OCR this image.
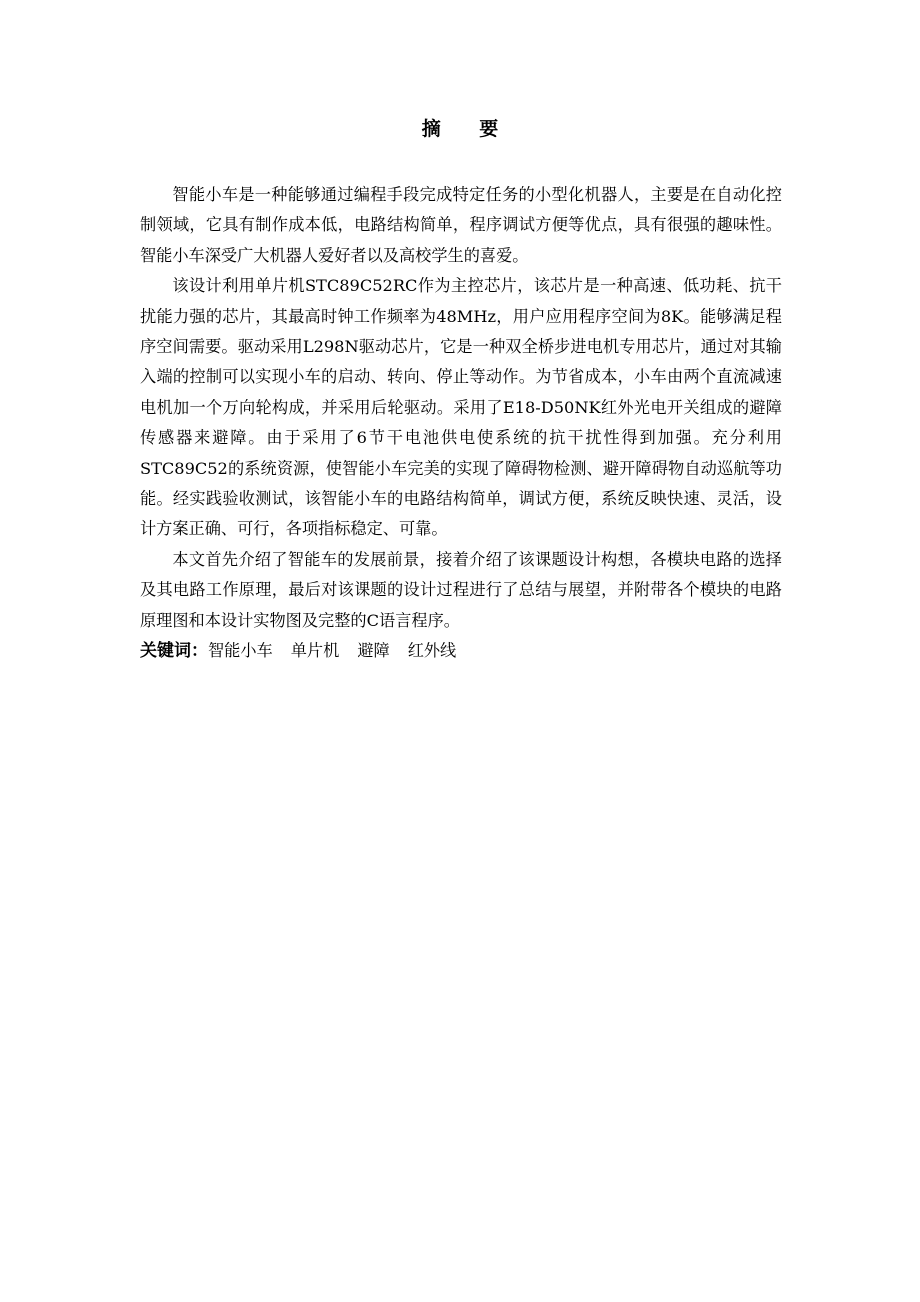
摘 要

智能小车是一种能够通过编程手段完成特定任务的小型化机器人，主要是在自动化控制领域，它具有制作成本低，电路结构简单，程序调试方便等优点，具有很强的趣味性。智能小车深受广大机器人爱好者以及高校学生的喜爱。

该设计利用单片机STC89C52RC作为主控芯片，该芯片是一种高速、低功耗、抗干扰能力强的芯片，其最高时钟工作频率为48MHz，用户应用程序空间为8K。能够满足程序空间需要。驱动采用L298N驱动芯片，它是一种双全桥步进电机专用芯片，通过对其输入端的控制可以实现小车的启动、转向、停止等动作。为节省成本，小车由两个直流减速电机加一个万向轮构成，并采用后轮驱动。采用了E18-D50NK红外光电开关组成的避障传感器来避障。由于采用了6节干电池供电使系统的抗干扰性得到加强。充分利用STC89C52的系统资源，使智能小车完美的实现了障碍物检测、避开障碍物自动巡航等功能。经实践验收测试，该智能小车的电路结构简单，调试方便，系统反映快速、灵活，设计方案正确、可行，各项指标稳定、可靠。

本文首先介绍了智能车的发展前景，接着介绍了该课题设计构想，各模块电路的选择及其电路工作原理，最后对该课题的设计过程进行了总结与展望，并附带各个模块的电路原理图和本设计实物图及完整的C语言程序。

关键词：智能小车 单片机 避障 红外线
